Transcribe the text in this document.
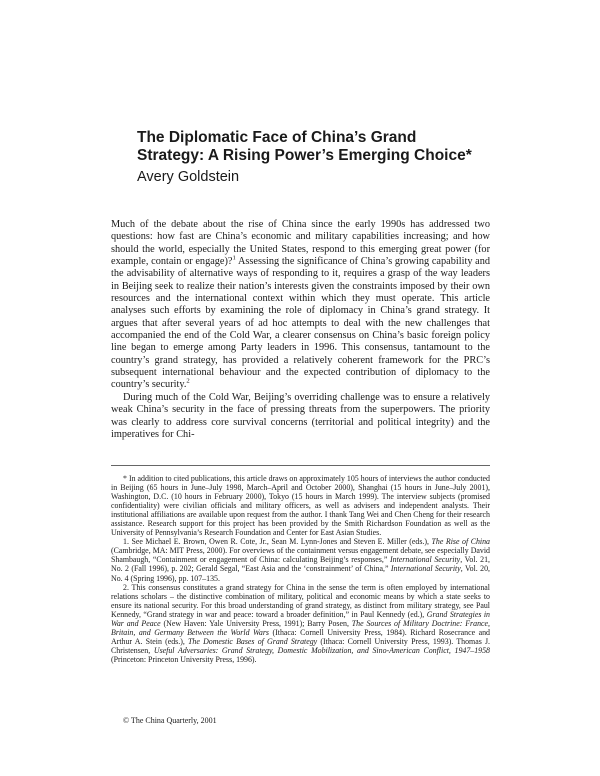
The Diplomatic Face of China’s Grand
Strategy: A Rising Power’s Emerging Choice*
Avery Goldstein

Much of the debate about the rise of China since the early 1990s has addressed two questions: how fast are China’s economic and military capabilities increasing; and how should the world, especially the United States, respond to this emerging great power (for example, contain or engage)?$^1$ Assessing the significance of China’s growing capability and the advisability of alternative ways of responding to it, requires a grasp of the way leaders in Beijing seek to realize their nation’s interests given the constraints imposed by their own resources and the international context within which they must operate. This article analyses such efforts by examining the role of diplomacy in China’s grand strategy. It argues that after several years of ad hoc attempts to deal with the new challenges that accompanied the end of the Cold War, a clearer consensus on China’s basic foreign policy line began to emerge among Party leaders in 1996. This consensus, tantamount to the country’s grand strategy, has provided a relatively coherent framework for the PRC’s subsequent international behaviour and the expected contribution of diplomacy to the country’s security.$^2$

During much of the Cold War, Beijing’s overriding challenge was to ensure a relatively weak China’s security in the face of pressing threats from the superpowers. The priority was clearly to address core survival concerns (territorial and political integrity) and the imperatives for Chi-

* In addition to cited publications, this article draws on approximately 105 hours of interviews the author conducted in Beijing (65 hours in June–July 1998, March–April and October 2000), Shanghai (15 hours in June–July 2001), Washington, D.C. (10 hours in February 2000), Tokyo (15 hours in March 1999). The interview subjects (promised confidentiality) were civilian officials and military officers, as well as advisers and independent analysts. Their institutional affiliations are available upon request from the author. I thank Tang Wei and Chen Cheng for their research assistance. Research support for this project has been provided by the Smith Richardson Foundation as well as the University of Pennsylvania’s Research Foundation and Center for East Asian Studies.

1. See Michael E. Brown, Owen R. Cote, Jr., Sean M. Lynn-Jones and Steven E. Miller (eds.), The Rise of China (Cambridge, MA: MIT Press, 2000). For overviews of the containment versus engagement debate, see especially David Shambaugh, “Containment or engagement of China: calculating Beijing’s responses,” International Security, Vol. 21, No. 2 (Fall 1996), p. 202; Gerald Segal, “East Asia and the ‘constrainment’ of China,” International Security, Vol. 20, No. 4 (Spring 1996), pp. 107–135.

2. This consensus constitutes a grand strategy for China in the sense the term is often employed by international relations scholars – the distinctive combination of military, political and economic means by which a state seeks to ensure its national security. For this broad understanding of grand strategy, as distinct from military strategy, see Paul Kennedy, “Grand strategy in war and peace: toward a broader definition,” in Paul Kennedy (ed.), Grand Strategies in War and Peace (New Haven: Yale University Press, 1991); Barry Posen, The Sources of Military Doctrine: France, Britain, and Germany Between the World Wars (Ithaca: Cornell University Press, 1984). Richard Rosecrance and Arthur A. Stein (eds.), The Domestic Bases of Grand Strategy (Ithaca: Cornell University Press, 1993). Thomas J. Christensen, Useful Adversaries: Grand Strategy, Domestic Mobilization, and Sino-American Conflict, 1947–1958 (Princeton: Princeton University Press, 1996).

© The China Quarterly, 2001
